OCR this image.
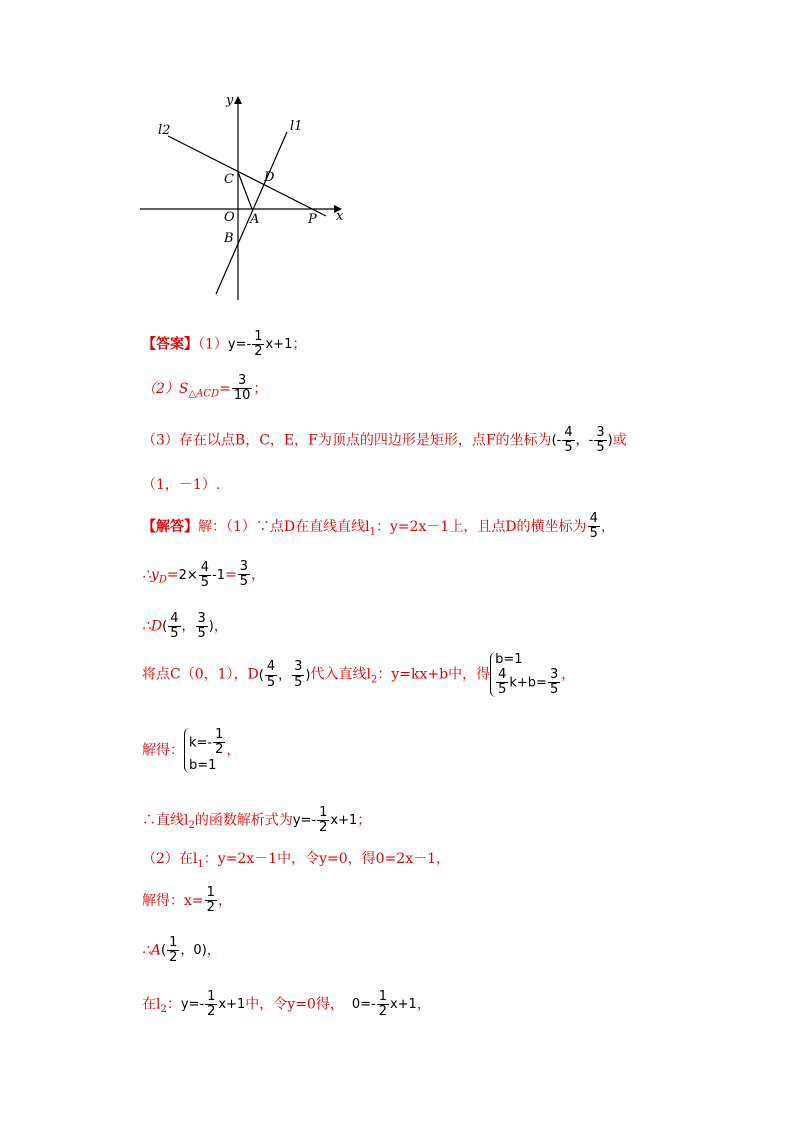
y
x
l2	l1
C D
O A	P
B
【答案】$(1)y=- \frac{1}{2} x+1$；
$(2)S_{\triangle ACD}= \frac{3}{10}$ ；
（3）存在以点B，C，E，F为顶点的四边形是矩形，点F的坐标为(- $\frac{4}{5}$ ，- $\frac{3}{5}$ )或
（1，－1）.
【解答】解：（1）∵点D在直线直线$l_1$：y=2x－1上，且点D的横坐标为 $\frac{4}{5}$ ，
$\therefore y_D=2\times \frac{4}{5} -1= \frac{3}{5}$ ，
∴D( $\frac{4}{5}$ ， $\frac{3}{5}$ )，
将点C（0，1），$D( \frac{4}{5}$ ， $\frac{3}{5}$ )代入直线$l_2$：y=kx+b中，得
b=1
$\frac{4}{5} k+b= \frac{3}{5}$ ，
解得： $k=- \frac{1}{2}$
b=1
，
∴直线$l_2$的函数解析式为$y=- \frac{1}{2} x+1$；
（2）在$l_1$：y=2x－1中，令y=0，得0=2x－1，
解得：$x= \frac{1}{2}$ ，
∴A( $\frac{1}{2}$ ，0)，
在$l_2$：$y=- \frac{1}{2} x+1$中，令y=0得， $0=- \frac{1}{2} x+1$，
